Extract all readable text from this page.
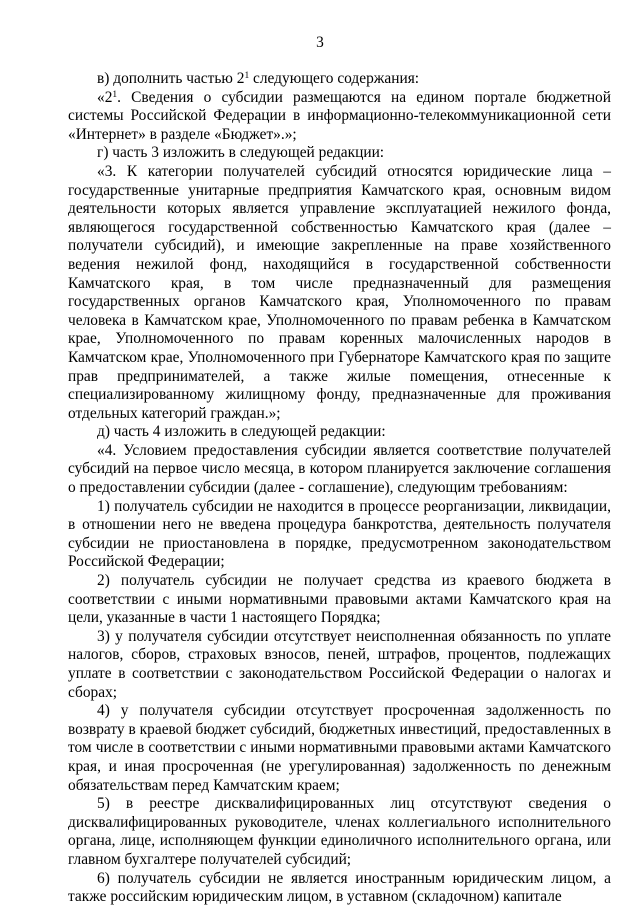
3

в) дополнить частью $2^1$ следующего содержания:

«$2^1$. Сведения о субсидии размещаются на едином портале бюджетной системы Российской Федерации в информационно-телекоммуникационной сети «Интернет» в разделе «Бюджет».»;

г) часть 3 изложить в следующей редакции:

«3. К категории получателей субсидий относятся юридические лица – государственные унитарные предприятия Камчатского края, основным видом деятельности которых является управление эксплуатацией нежилого фонда, являющегося государственной собственностью Камчатского края (далее – получатели субсидий), и имеющие закрепленные на праве хозяйственного ведения нежилой фонд, находящийся в государственной собственности Камчатского края, в том числе предназначенный для размещения государственных органов Камчатского края, Уполномоченного по правам человека в Камчатском крае, Уполномоченного по правам ребенка в Камчатском крае, Уполномоченного по правам коренных малочисленных народов в Камчатском крае, Уполномоченного при Губернаторе Камчатского края по защите прав предпринимателей, а также жилые помещения, отнесенные к специализированному жилищному фонду, предназначенные для проживания отдельных категорий граждан.»;

д) часть 4 изложить в следующей редакции:

«4. Условием предоставления субсидии является соответствие получателей субсидий на первое число месяца, в котором планируется заключение соглашения о предоставлении субсидии (далее - соглашение), следующим требованиям:

1) получатель субсидии не находится в процессе реорганизации, ликвидации, в отношении него не введена процедура банкротства, деятельность получателя субсидии не приостановлена в порядке, предусмотренном законодательством Российской Федерации;

2) получатель субсидии не получает средства из краевого бюджета в соответствии с иными нормативными правовыми актами Камчатского края на цели, указанные в части 1 настоящего Порядка;

3) у получателя субсидии отсутствует неисполненная обязанность по уплате налогов, сборов, страховых взносов, пеней, штрафов, процентов, подлежащих уплате в соответствии с законодательством Российской Федерации о налогах и сборах;

4) у получателя субсидии отсутствует просроченная задолженность по возврату в краевой бюджет субсидий, бюджетных инвестиций, предоставленных в том числе в соответствии с иными нормативными правовыми актами Камчатского края, и иная просроченная (не урегулированная) задолженность по денежным обязательствам перед Камчатским краем;

5) в реестре дисквалифицированных лиц отсутствуют сведения о дисквалифицированных руководителе, членах коллегиального исполнительного органа, лице, исполняющем функции единоличного исполнительного органа, или главном бухгалтере получателей субсидий;

6) получатель субсидии не является иностранным юридическим лицом, а также российским юридическим лицом, в уставном (складочном) капитале
